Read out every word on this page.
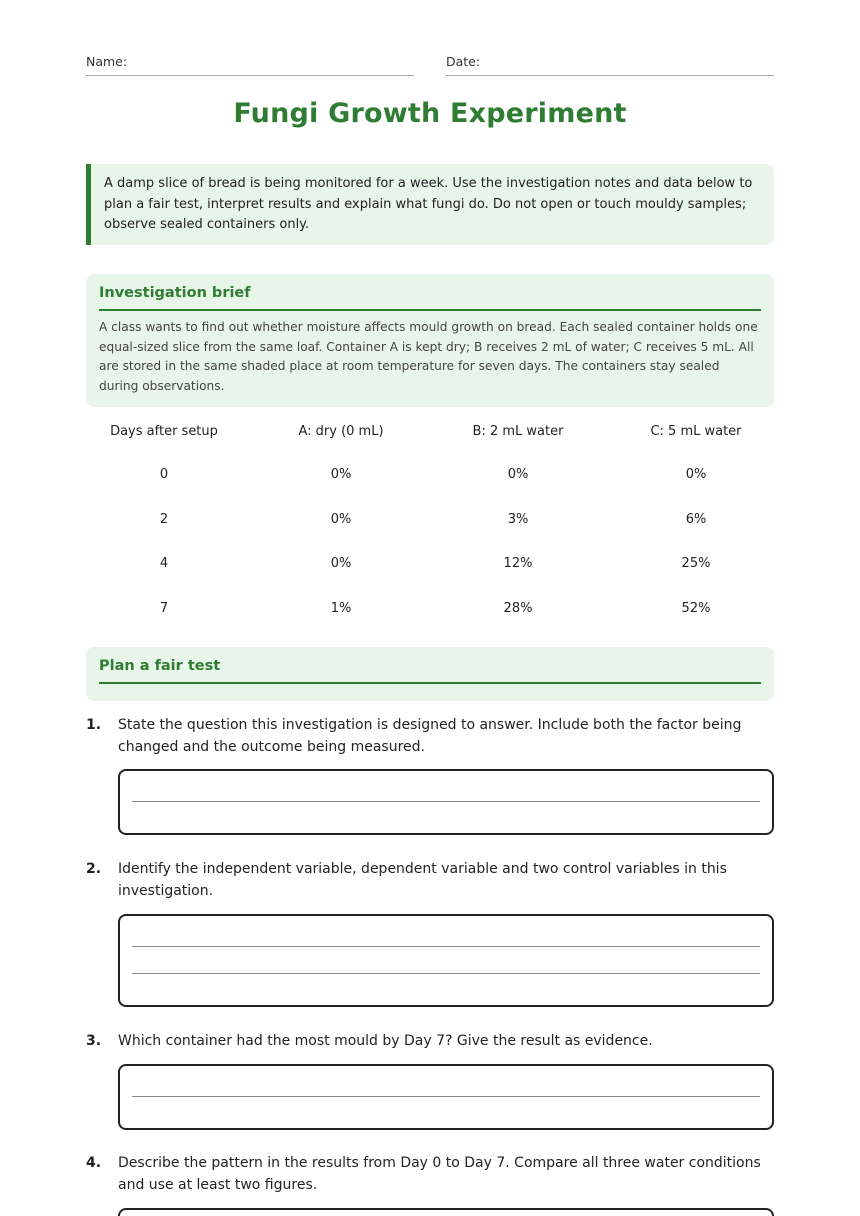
Name:	Date:
Fungi Growth Experiment
A damp slice of bread is being monitored for a week. Use the investigation notes and data below to plan a fair test, interpret results and explain what fungi do. Do not open or touch mouldy samples; observe sealed containers only.
Investigation brief
A class wants to find out whether moisture affects mould growth on bread. Each sealed container holds one equal-sized slice from the same loaf. Container A is kept dry; B receives 2 mL of water; C receives 5 mL. All are stored in the same shaded place at room temperature for seven days. The containers stay sealed during observations.
Days after setup	A: dry (0 mL)	B: 2 mL water	C: 5 mL water
0	0%	0%	0%
2	0%	3%	6%
4	0%	12%	25%
7	1%	28%	52%
Plan a fair test
1. State the question this investigation is designed to answer. Include both the factor being changed and the outcome being measured.
2. Identify the independent variable, dependent variable and two control variables in this investigation.
3. Which container had the most mould by Day 7? Give the result as evidence.
4. Describe the pattern in the results from Day 0 to Day 7. Compare all three water conditions and use at least two figures.
